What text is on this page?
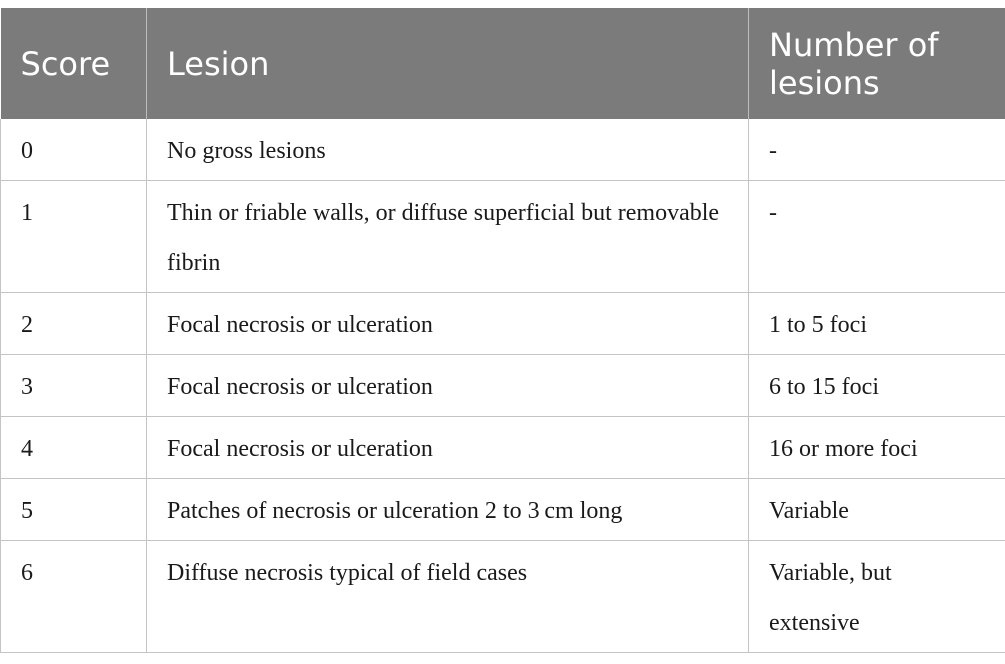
Score	Lesion	Number of lesions
0	No gross lesions	-
1	Thin or friable walls, or diffuse superficial but removable fibrin	-
2	Focal necrosis or ulceration	1 to 5 foci
3	Focal necrosis or ulceration	6 to 15 foci
4	Focal necrosis or ulceration	16 or more foci
5	Patches of necrosis or ulceration 2 to 3 cm long	Variable
6	Diffuse necrosis typical of field cases	Variable, but extensive
